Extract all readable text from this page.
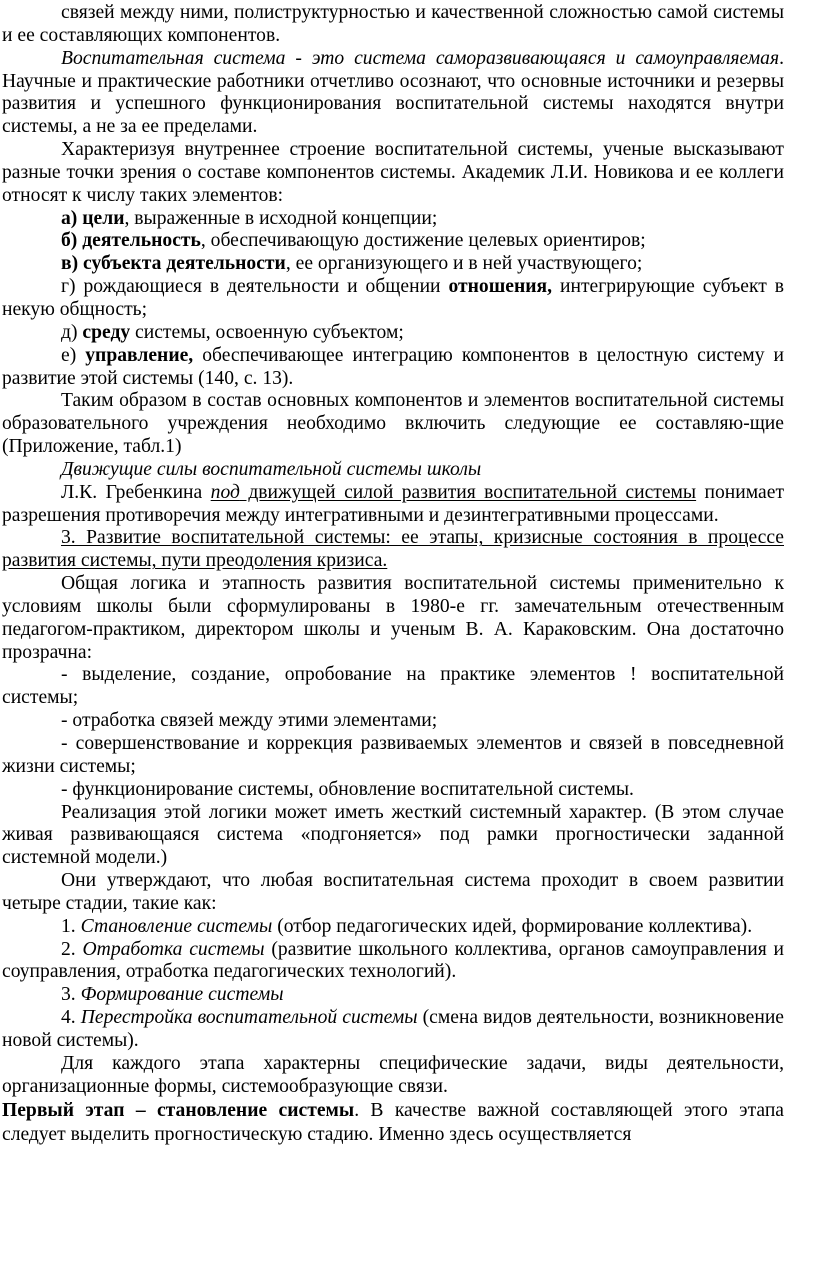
связей между ними, полиструктурностью и качественной сложностью самой системы и ее составляющих компонентов.

Воспитательная система - это система саморазвивающаяся и самоуправляемая. Научные и практические работники отчетливо осознают, что основные источники и резервы развития и успешного функционирования воспитательной системы находятся внутри системы, а не за ее пределами.

Характеризуя внутреннее строение воспитательной системы, ученые высказывают разные точки зрения о составе компонентов системы. Академик Л.И. Новикова и ее коллеги относят к числу таких элементов:

а) цели, выраженные в исходной концепции;

б) деятельность, обеспечивающую достижение целевых ориентиров;

в) субъекта деятельности, ее организующего и в ней участвующего;

г) рождающиеся в деятельности и общении отношения, интегрирующие субъект в некую общность;

д) среду системы, освоенную субъектом;

е) управление, обеспечивающее интеграцию компонентов в целостную систему и развитие этой системы (140, с. 13).

Таким образом в состав основных компонентов и элементов воспитательной системы образовательного учреждения необходимо включить следующие ее составляю-щие (Приложение, табл.1)

Движущие силы воспитательной системы школы

Л.К. Гребенкина под движущей силой развития воспитательной системы понимает разрешения противоречия между интегративными и дезинтегративными процессами.

3. Развитие воспитательной системы: ее этапы, кризисные состояния в процессе развития системы, пути преодоления кризиса.

Общая логика и этапность развития воспитательной системы применительно к условиям школы были сформулированы в 1980-е гг. замечательным отечественным педагогом-практиком, директором школы и ученым В. А. Караковским. Она достаточно прозрачна:

- выделение, создание, опробование на практике элементов ! воспитательной системы;

- отработка связей между этими элементами;

- совершенствование и коррекция развиваемых элементов и связей в повседневной жизни системы;

- функционирование системы, обновление воспитательной системы.

Реализация этой логики может иметь жесткий системный характер. (В этом случае живая развивающаяся система «подгоняется» под рамки прогностически заданной системной модели.)

Они утверждают, что любая воспитательная система проходит в своем развитии четыре стадии, такие как:

1. Становление системы (отбор педагогических идей, формирование коллектива).

2. Отработка системы (развитие школьного коллектива, органов самоуправления и соуправления, отработка педагогических технологий).

3. Формирование системы

4. Перестройка воспитательной системы (смена видов деятельности, возникновение новой системы).

Для каждого этапа характерны специфические задачи, виды деятельности, организационные формы, системообразующие связи.

Первый этап – становление системы. В качестве важной составляющей этого этапа следует выделить прогностическую стадию. Именно здесь осуществляется
